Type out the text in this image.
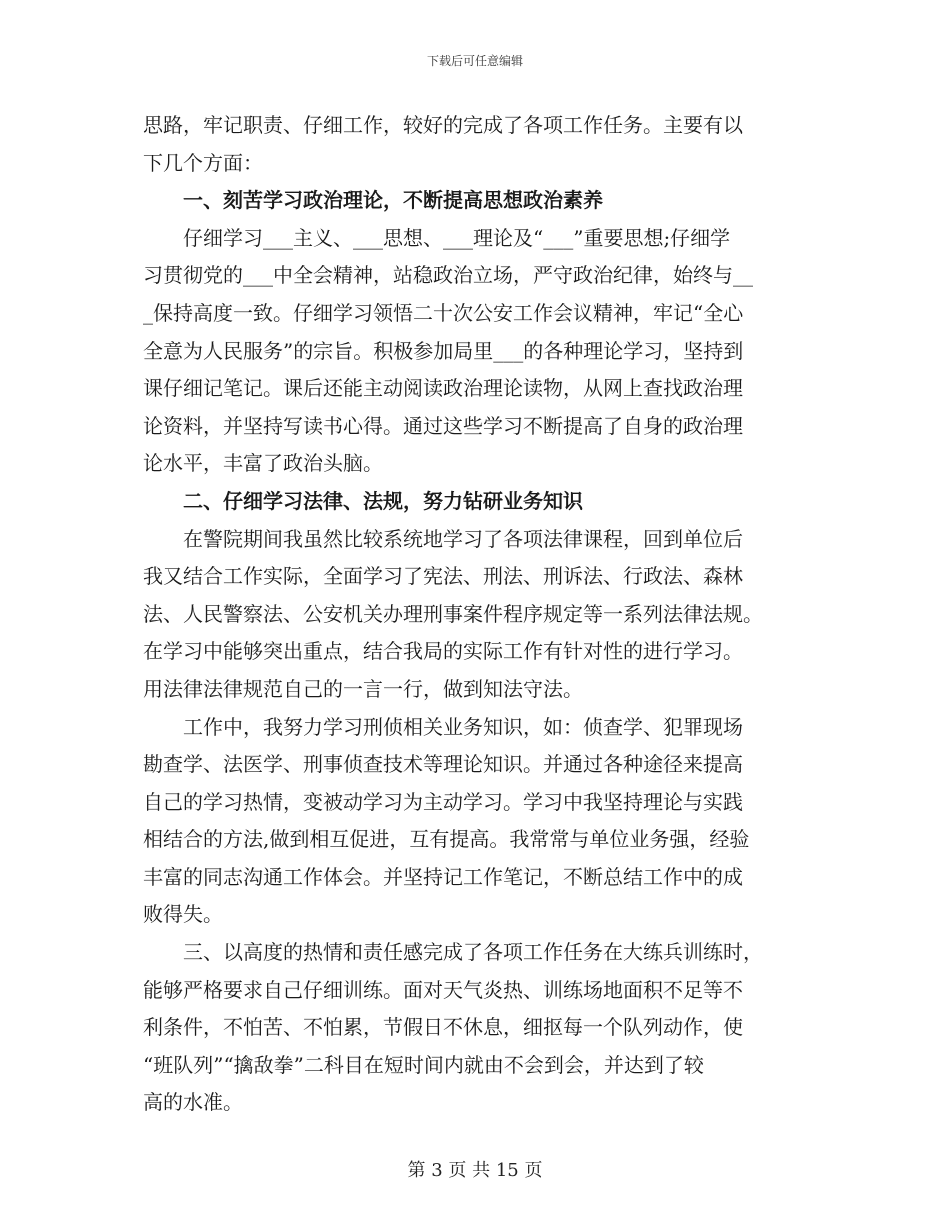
下载后可任意编辑
思路，牢记职责、仔细工作，较好的完成了各项工作任务。主要有以
下几个方面：
　　一、刻苦学习政治理论，不断提高思想政治素养
　　仔细学习___主义、___思想、___理论及“___”重要思想;仔细学
习贯彻党的___中全会精神，站稳政治立场，严守政治纪律，始终与__
_保持高度一致。仔细学习领悟二十次公安工作会议精神，牢记“全心
全意为人民服务”的宗旨。积极参加局里___的各种理论学习，坚持到
课仔细记笔记。课后还能主动阅读政治理论读物，从网上查找政治理
论资料，并坚持写读书心得。通过这些学习不断提高了自身的政治理
论水平，丰富了政治头脑。
　　二、仔细学习法律、法规，努力钻研业务知识
　　在警院期间我虽然比较系统地学习了各项法律课程，回到单位后
我又结合工作实际，全面学习了宪法、刑法、刑诉法、行政法、森林
法、人民警察法、公安机关办理刑事案件程序规定等一系列法律法规。
在学习中能够突出重点，结合我局的实际工作有针对性的进行学习。
用法律法律规范自己的一言一行，做到知法守法。
　　工作中，我努力学习刑侦相关业务知识，如：侦查学、犯罪现场
勘查学、法医学、刑事侦查技术等理论知识。并通过各种途径来提高
自己的学习热情，变被动学习为主动学习。学习中我坚持理论与实践
相结合的方法,做到相互促进，互有提高。我常常与单位业务强，经验
丰富的同志沟通工作体会。并坚持记工作笔记，不断总结工作中的成
败得失。
　　三、以高度的热情和责任感完成了各项工作任务在大练兵训练时，
能够严格要求自己仔细训练。面对天气炎热、训练场地面积不足等不
利条件，不怕苦、不怕累，节假日不休息，细抠每一个队列动作，使
“班队列”“擒敌拳”二科目在短时间内就由不会到会，并达到了较
高的水准。
第 3 页 共 15 页
